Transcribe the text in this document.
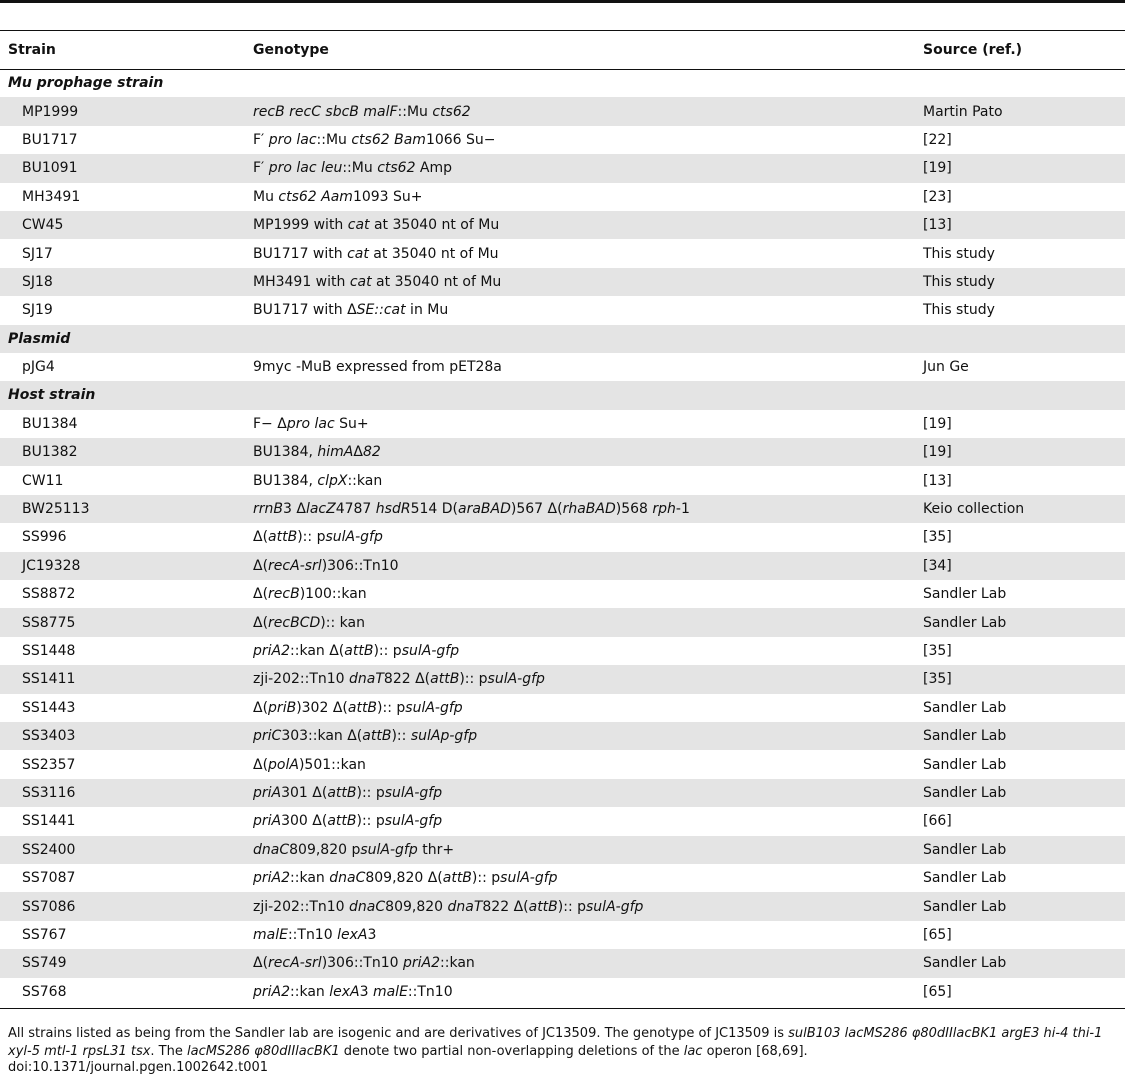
Strain	Genotype	Source (ref.)
Mu prophage strain		
MP1999	recB recC sbcB malF::Mu cts62	Martin Pato
BU1717	F′ pro lac::Mu cts62 Bam1066 Su−	[22]
BU1091	F′ pro lac leu::Mu cts62 Amp	[19]
MH3491	Mu cts62 Aam1093 Su+	[23]
CW45	MP1999 with cat at 35040 nt of Mu	[13]
SJ17	BU1717 with cat at 35040 nt of Mu	This study
SJ18	MH3491 with cat at 35040 nt of Mu	This study
SJ19	BU1717 with ΔSE::cat in Mu	This study
Plasmid		
pJG4	9myc -MuB expressed from pET28a	Jun Ge
Host strain		
BU1384	F− Δpro lac Su+	[19]
BU1382	BU1384, himAΔ82	[19]
CW11	BU1384, clpX::kan	[13]
BW25113	rrnB3 ΔlacZ4787 hsdR514 D(araBAD)567 Δ(rhaBAD)568 rph-1	Keio collection
SS996	Δ(attB):: psulA-gfp	[35]
JC19328	Δ(recA-srl)306::Tn10	[34]
SS8872	Δ(recB)100::kan	Sandler Lab
SS8775	Δ(recBCD):: kan	Sandler Lab
SS1448	priA2::kan Δ(attB):: psulA-gfp	[35]
SS1411	zji-202::Tn10 dnaT822 Δ(attB):: psulA-gfp	[35]
SS1443	Δ(priB)302 Δ(attB):: psulA-gfp	Sandler Lab
SS3403	priC303::kan Δ(attB):: sulAp-gfp	Sandler Lab
SS2357	Δ(polA)501::kan	Sandler Lab
SS3116	priA301 Δ(attB):: psulA-gfp	Sandler Lab
SS1441	priA300 Δ(attB):: psulA-gfp	[66]
SS2400	dnaC809,820 psulA-gfp thr+	Sandler Lab
SS7087	priA2::kan dnaC809,820 Δ(attB):: psulA-gfp	Sandler Lab
SS7086	zji-202::Tn10 dnaC809,820 dnaT822 Δ(attB):: psulA-gfp	Sandler Lab
SS767	malE::Tn10 lexA3	[65]
SS749	Δ(recA-srl)306::Tn10 priA2::kan	Sandler Lab
SS768	priA2::kan lexA3 malE::Tn10	[65]
All strains listed as being from the Sandler lab are isogenic and are derivatives of JC13509. The genotype of JC13509 is sulB103 lacMS286 φ80dIIlacBK1 argE3 hi-4 thi-1 xyl-5 mtl-1 rpsL31 tsx. The lacMS286 φ80dIIlacBK1 denote two partial non-overlapping deletions of the lac operon [68,69].
doi:10.1371/journal.pgen.1002642.t001
